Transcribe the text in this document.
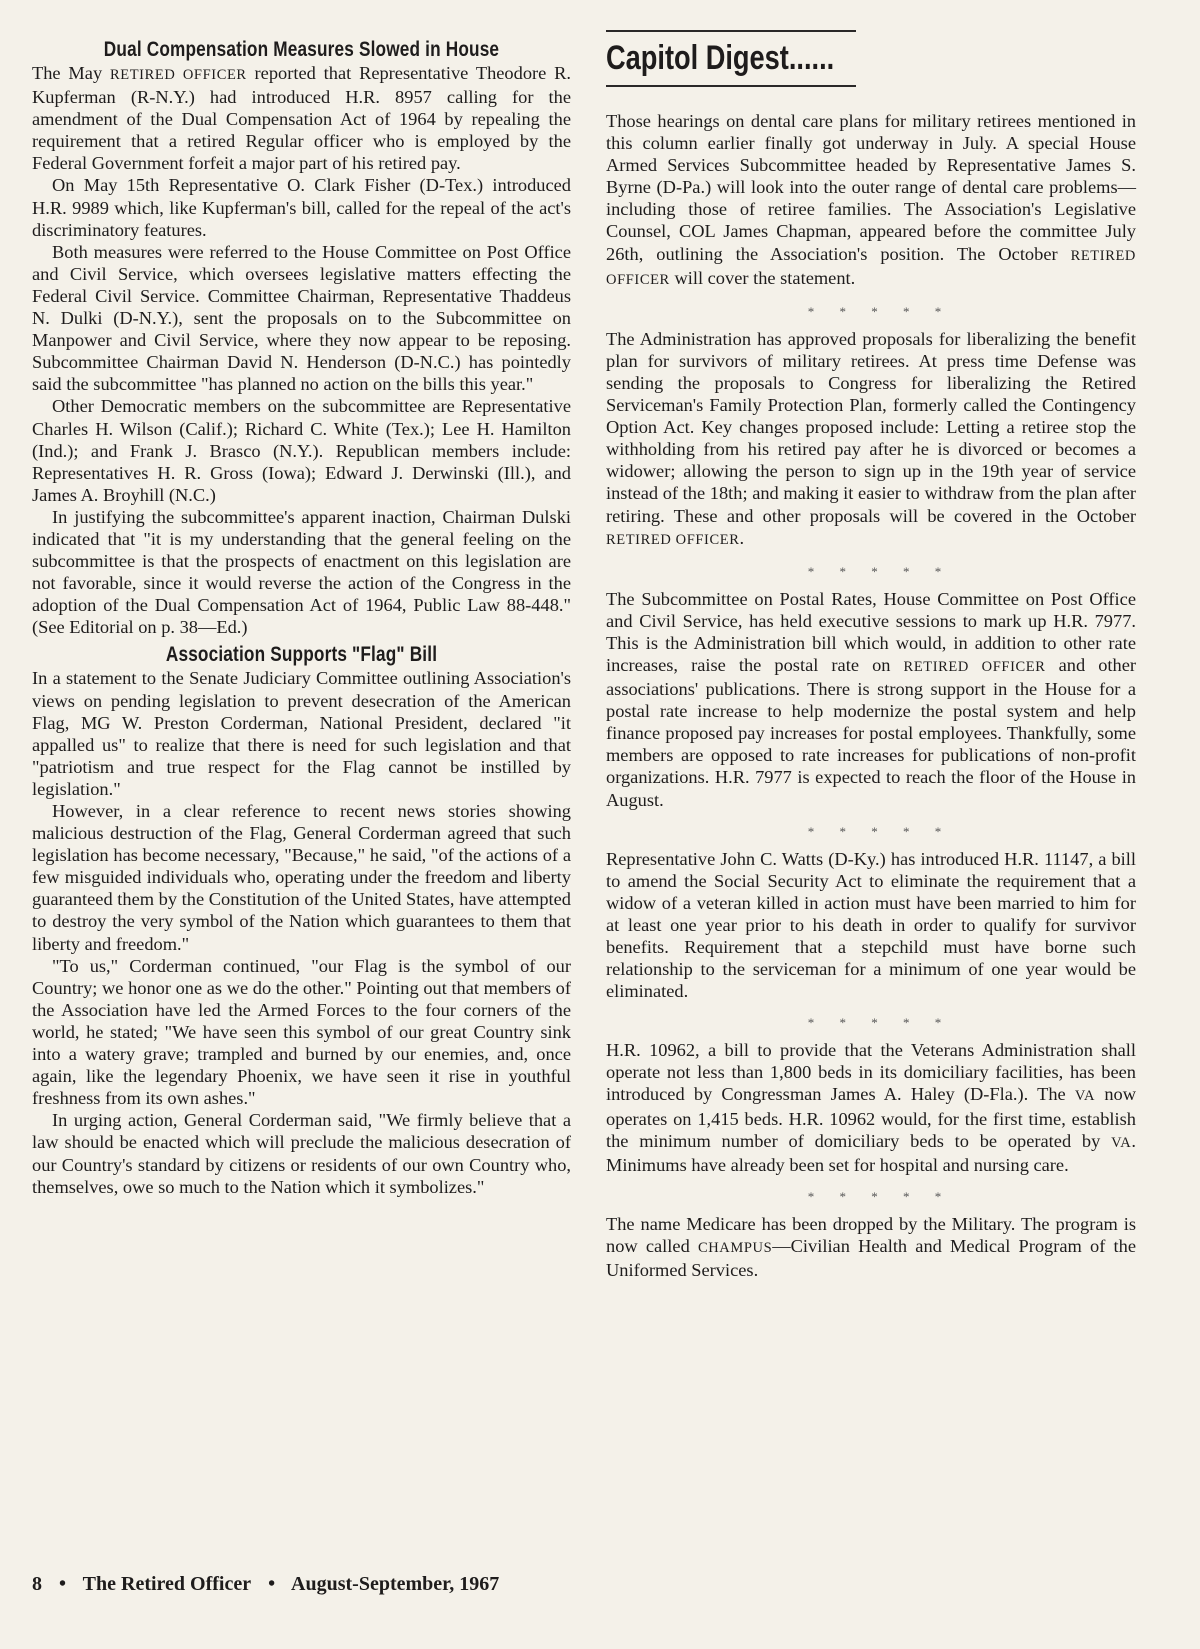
Dual Compensation Measures Slowed in House

The May RETIRED OFFICER reported that Representative Theodore R. Kupferman (R-N.Y.) had introduced H.R. 8957 calling for the amendment of the Dual Compensation Act of 1964 by repealing the requirement that a retired Regular officer who is employed by the Federal Government forfeit a major part of his retired pay.

On May 15th Representative O. Clark Fisher (D-Tex.) introduced H.R. 9989 which, like Kupferman's bill, called for the repeal of the act's discriminatory features.

Both measures were referred to the House Committee on Post Office and Civil Service, which oversees legislative matters effecting the Federal Civil Service. Committee Chairman, Representative Thaddeus N. Dulki (D-N.Y.), sent the proposals on to the Subcommittee on Manpower and Civil Service, where they now appear to be reposing. Subcommittee Chairman David N. Henderson (D-N.C.) has pointedly said the subcommittee "has planned no action on the bills this year."

Other Democratic members on the subcommittee are Representative Charles H. Wilson (Calif.); Richard C. White (Tex.); Lee H. Hamilton (Ind.); and Frank J. Brasco (N.Y.). Republican members include: Representatives H. R. Gross (Iowa); Edward J. Derwinski (Ill.), and James A. Broyhill (N.C.)

In justifying the subcommittee's apparent inaction, Chairman Dulski indicated that "it is my understanding that the general feeling on the subcommittee is that the prospects of enactment on this legislation are not favorable, since it would reverse the action of the Congress in the adoption of the Dual Compensation Act of 1964, Public Law 88-448." (See Editorial on p. 38—Ed.)

Association Supports "Flag" Bill

In a statement to the Senate Judiciary Committee outlining Association's views on pending legislation to prevent desecration of the American Flag, MG W. Preston Corderman, National President, declared "it appalled us" to realize that there is need for such legislation and that "patriotism and true respect for the Flag cannot be instilled by legislation."

However, in a clear reference to recent news stories showing malicious destruction of the Flag, General Corderman agreed that such legislation has become necessary, "Because," he said, "of the actions of a few misguided individuals who, operating under the freedom and liberty guaranteed them by the Constitution of the United States, have attempted to destroy the very symbol of the Nation which guarantees to them that liberty and freedom."

"To us," Corderman continued, "our Flag is the symbol of our Country; we honor one as we do the other." Pointing out that members of the Association have led the Armed Forces to the four corners of the world, he stated; "We have seen this symbol of our great Country sink into a watery grave; trampled and burned by our enemies, and, once again, like the legendary Phoenix, we have seen it rise in youthful freshness from its own ashes."

In urging action, General Corderman said, "We firmly believe that a law should be enacted which will preclude the malicious desecration of our Country's standard by citizens or residents of our own Country who, themselves, owe so much to the Nation which it symbolizes."

Capitol Digest......

Those hearings on dental care plans for military retirees mentioned in this column earlier finally got underway in July. A special House Armed Services Subcommittee headed by Representative James S. Byrne (D-Pa.) will look into the outer range of dental care problems—including those of retiree families. The Association's Legislative Counsel, COL James Chapman, appeared before the committee July 26th, outlining the Association's position. The October RETIRED OFFICER will cover the statement.

* * * * *

The Administration has approved proposals for liberalizing the benefit plan for survivors of military retirees. At press time Defense was sending the proposals to Congress for liberalizing the Retired Serviceman's Family Protection Plan, formerly called the Contingency Option Act. Key changes proposed include: Letting a retiree stop the withholding from his retired pay after he is divorced or becomes a widower; allowing the person to sign up in the 19th year of service instead of the 18th; and making it easier to withdraw from the plan after retiring. These and other proposals will be covered in the October RETIRED OFFICER.

* * * * *

The Subcommittee on Postal Rates, House Committee on Post Office and Civil Service, has held executive sessions to mark up H.R. 7977. This is the Administration bill which would, in addition to other rate increases, raise the postal rate on RETIRED OFFICER and other associations' publications. There is strong support in the House for a postal rate increase to help modernize the postal system and help finance proposed pay increases for postal employees. Thankfully, some members are opposed to rate increases for publications of non-profit organizations. H.R. 7977 is expected to reach the floor of the House in August.

* * * * *

Representative John C. Watts (D-Ky.) has introduced H.R. 11147, a bill to amend the Social Security Act to eliminate the requirement that a widow of a veteran killed in action must have been married to him for at least one year prior to his death in order to qualify for survivor benefits. Requirement that a stepchild must have borne such relationship to the serviceman for a minimum of one year would be eliminated.

* * * * *

H.R. 10962, a bill to provide that the Veterans Administration shall operate not less than 1,800 beds in its domiciliary facilities, has been introduced by Congressman James A. Haley (D-Fla.). The VA now operates on 1,415 beds. H.R. 10962 would, for the first time, establish the minimum number of domiciliary beds to be operated by VA. Minimums have already been set for hospital and nursing care.

* * * * *

The name Medicare has been dropped by the Military. The program is now called CHAMPUS—Civilian Health and Medical Program of the Uniformed Services.

8 • The Retired Officer • August-September, 1967
